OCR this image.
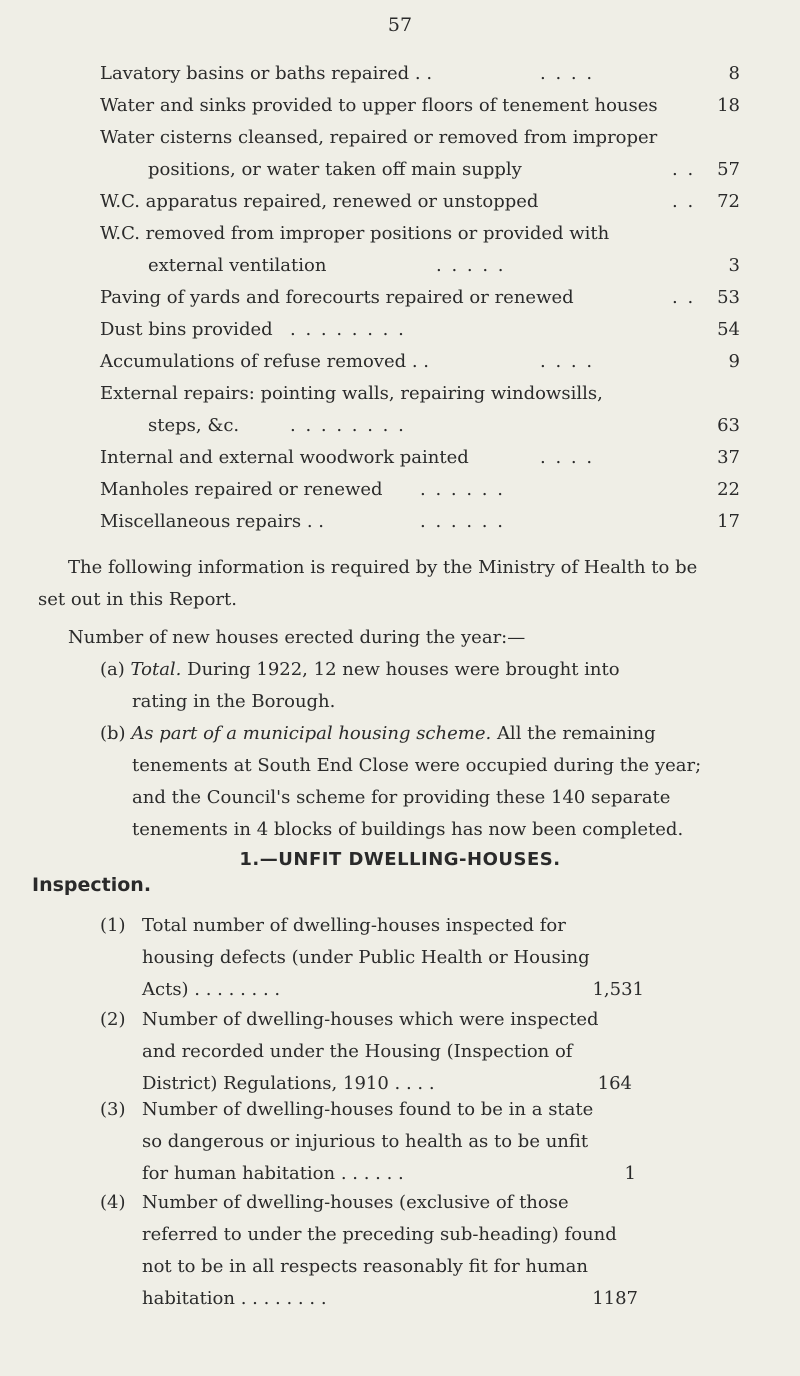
57
Lavatory basins or baths repaired . .	. . . .	8
Water and sinks provided to upper floors of tenement houses	18
Water cisterns cleansed, repaired or removed from improper
positions, or water taken off main supply	. . 57
W.C. apparatus repaired, renewed or unstopped	. . 72
W.C. removed from improper positions or provided with
external ventilation	. . . . .	3
Paving of yards and forecourts repaired or renewed	. . 53
Dust bins provided . . . . . . . .	54
Accumulations of refuse removed . .	. . . .	9
External repairs: pointing walls, repairing windowsills,
steps, &c.	. . . . . . . .	63
Internal and external woodwork painted	. . . .	37
Manholes repaired or renewed . . . . . .	22
Miscellaneous repairs . .	. . . . . .	17
The following information is required by the Ministry of Health to be
set out in this Report.
Number of new houses erected during the year:—
(a) Total. During 1922, 12 new houses were brought into
rating in the Borough.
(b) As part of a municipal housing scheme. All the remaining
tenements at South End Close were occupied during the year;
and the Council's scheme for providing these 140 separate
tenements in 4 blocks of buildings has now been completed.
1.—UNFIT DWELLING-HOUSES.
Inspection.
(1) Total number of dwelling-houses inspected for
housing defects (under Public Health or Housing
Acts) . . . . . . . .	1,531
(2) Number of dwelling-houses which were inspected
and recorded under the Housing (Inspection of
District) Regulations, 1910 . . . .	164
(3) Number of dwelling-houses found to be in a state
so dangerous or injurious to health as to be unfit
for human habitation . . . . . .	1
(4) Number of dwelling-houses (exclusive of those
referred to under the preceding sub-heading) found
not to be in all respects reasonably fit for human
habitation . . . . . . . .	1187
